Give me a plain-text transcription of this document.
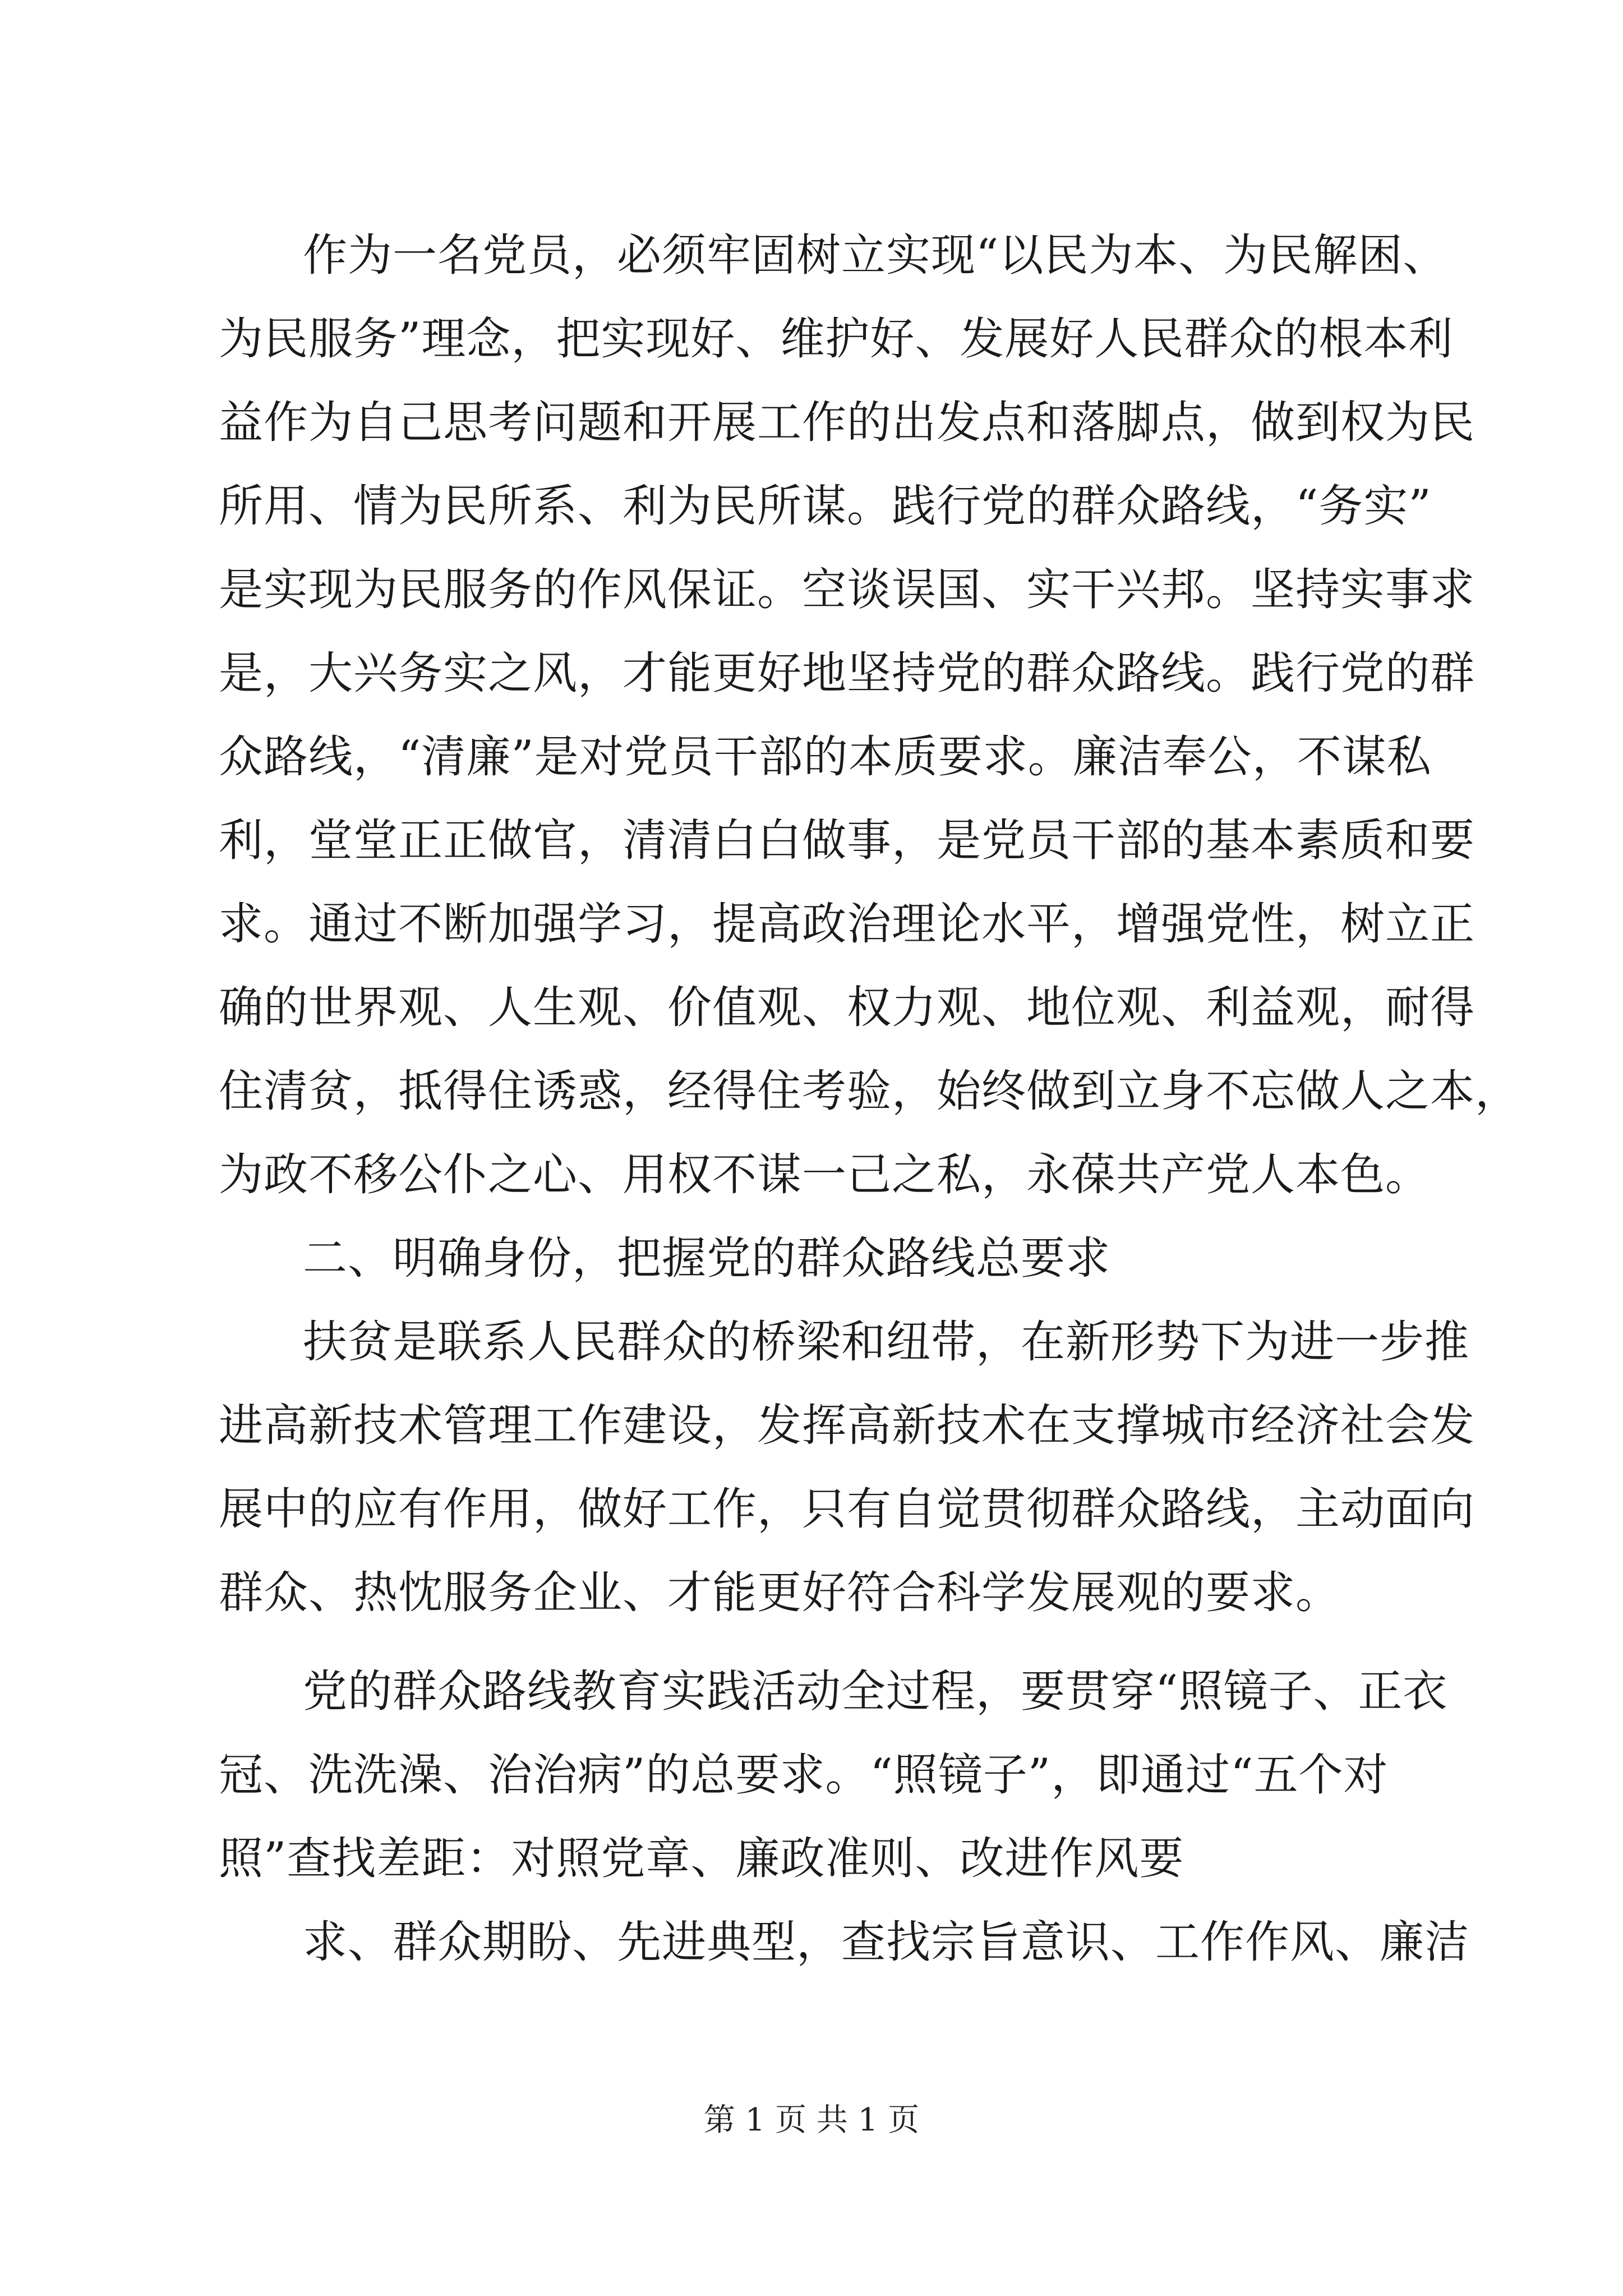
作为一名党员，必须牢固树立实现“以民为本、为民解困、
为民服务”理念，把实现好、维护好、发展好人民群众的根本利
益作为自己思考问题和开展工作的出发点和落脚点，做到权为民
所用、情为民所系、利为民所谋。践行党的群众路线，“务实”
是实现为民服务的作风保证。空谈误国、实干兴邦。坚持实事求
是，大兴务实之风，才能更好地坚持党的群众路线。践行党的群
众路线，“清廉”是对党员干部的本质要求。廉洁奉公，不谋私
利，堂堂正正做官，清清白白做事，是党员干部的基本素质和要
求。通过不断加强学习，提高政治理论水平，增强党性，树立正
确的世界观、人生观、价值观、权力观、地位观、利益观，耐得
住清贫，抵得住诱惑，经得住考验，始终做到立身不忘做人之本，
为政不移公仆之心、用权不谋一己之私，永葆共产党人本色。
二、明确身份，把握党的群众路线总要求
扶贫是联系人民群众的桥梁和纽带，在新形势下为进一步推
进高新技术管理工作建设，发挥高新技术在支撑城市经济社会发
展中的应有作用，做好工作，只有自觉贯彻群众路线，主动面向
群众、热忱服务企业、才能更好符合科学发展观的要求。
党的群众路线教育实践活动全过程，要贯穿“照镜子、正衣
冠、洗洗澡、治治病”的总要求。“照镜子”，即通过“五个对
照”查找差距：对照党章、廉政准则、改进作风要
求、群众期盼、先进典型，查找宗旨意识、工作作风、廉洁
第 1 页 共 1 页
